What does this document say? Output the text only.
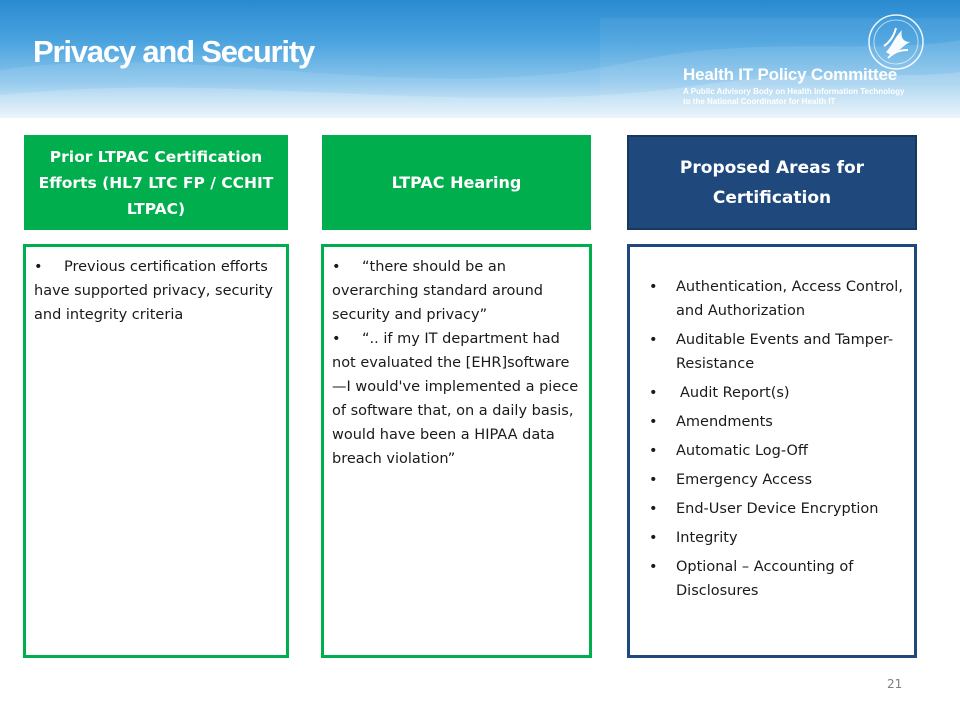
Privacy and Security
Health IT Policy Committee
A Public Advisory Body on Health Information Technology
to the National Coordinator for Health IT
Prior LTPAC Certification Efforts (HL7 LTC FP / CCHIT LTPAC)
LTPAC Hearing
Proposed Areas for Certification
• Previous certification efforts have supported privacy, security and integrity criteria
• “there should be an overarching standard around security and privacy”
• “.. if my IT department had not evaluated the [EHR]software—I would've implemented a piece of software that, on a daily basis, would have been a HIPAA data breach violation”
• Authentication, Access Control, and Authorization
• Auditable Events and Tamper-Resistance
• Audit Report(s)
• Amendments
• Automatic Log-Off
• Emergency Access
• End-User Device Encryption
• Integrity
• Optional – Accounting of Disclosures
21
